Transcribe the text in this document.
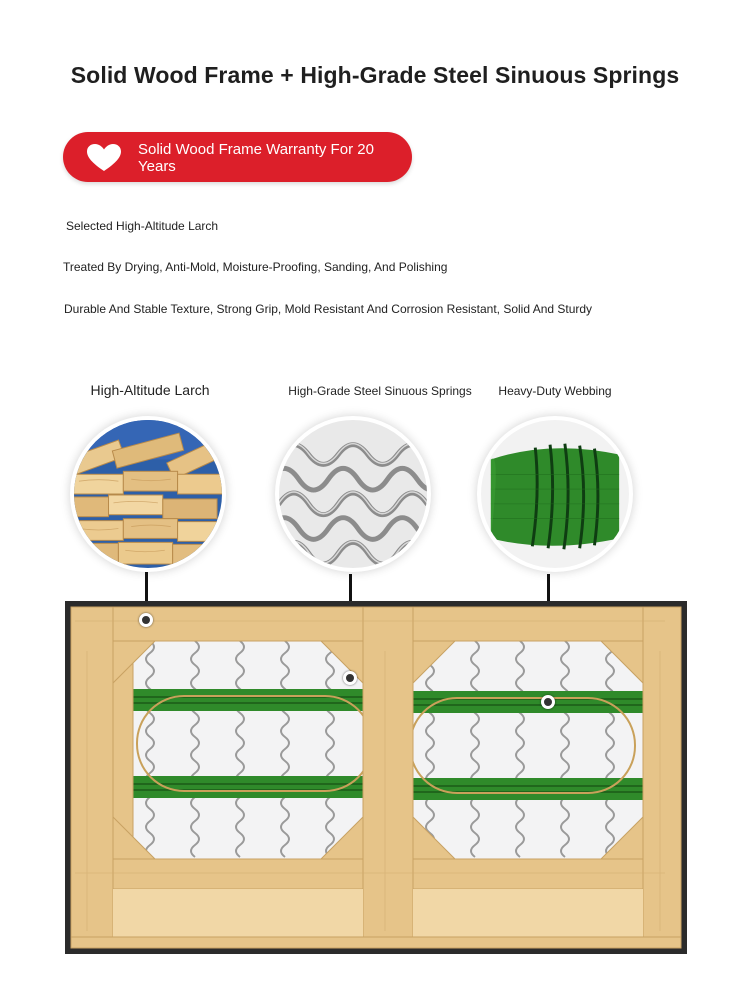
Solid Wood Frame + High-Grade Steel Sinuous Springs
Solid Wood Frame Warranty For 20 Years
Selected High-Altitude Larch
Treated By Drying, Anti-Mold, Moisture-Proofing, Sanding, And Polishing
Durable And Stable Texture, Strong Grip, Mold Resistant And Corrosion Resistant, Solid And Sturdy
High-Altitude Larch	High-Grade Steel Sinuous Springs Heavy-Duty Webbing
